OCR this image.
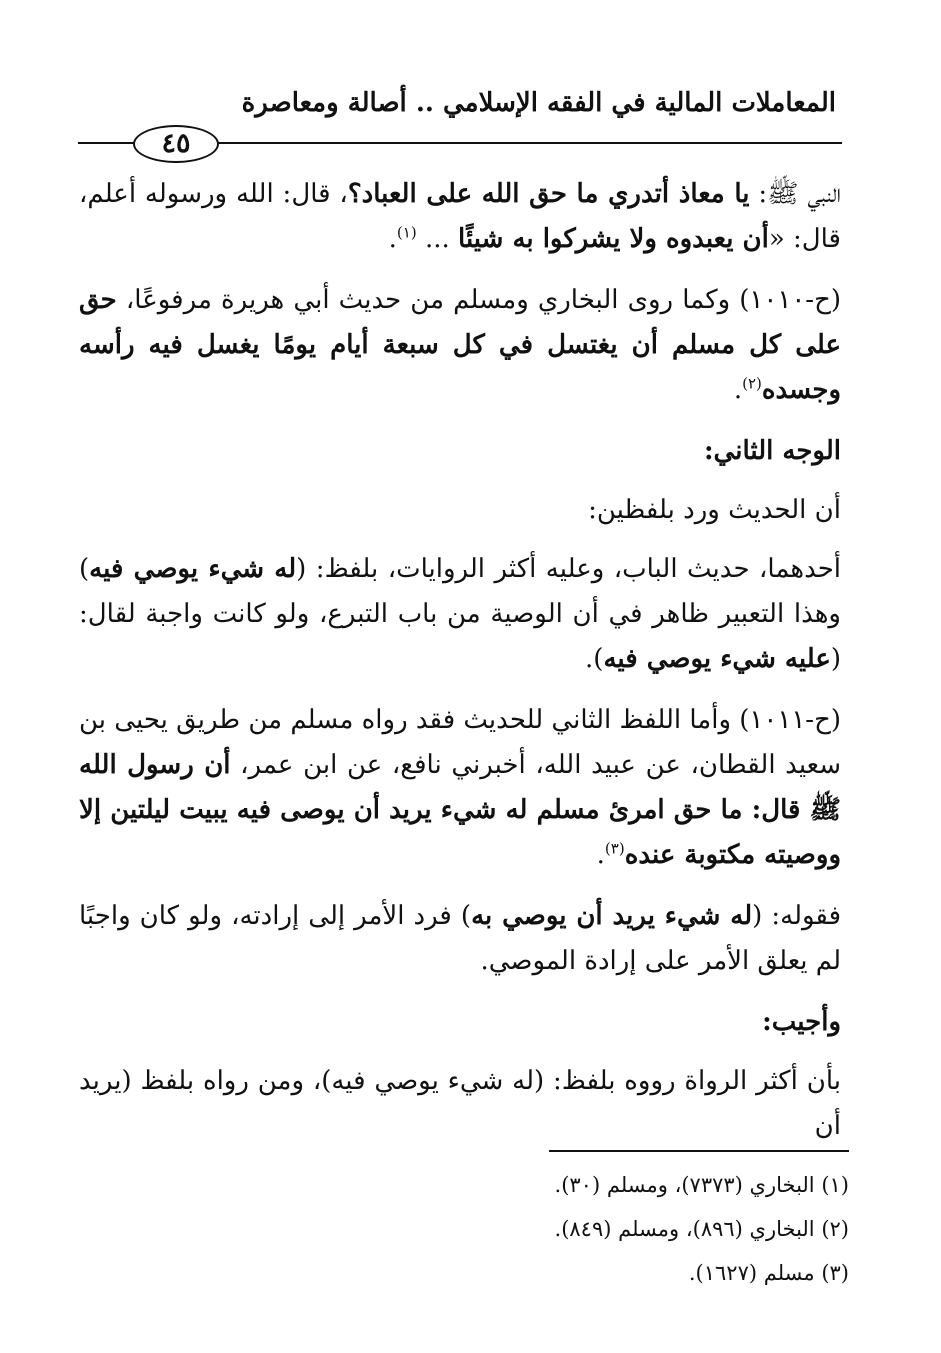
المعاملات المالية في الفقه الإسلامي .. أصالة ومعاصرة
٤٥

النبي ﷺ: يا معاذ أتدري ما حق الله على العباد؟، قال: الله ورسوله أعلم، قال: «أن يعبدوه ولا يشركوا به شيئًا ... $^{(١)}$.

(ح-١٠١٠) وكما روى البخاري ومسلم من حديث أبي هريرة مرفوعًا، حق على كل مسلم أن يغتسل في كل سبعة أيام يومًا يغسل فيه رأسه وجسده$^{(٢)}$.

الوجه الثاني:

أن الحديث ورد بلفظين:

أحدهما، حديث الباب، وعليه أكثر الروايات، بلفظ: (له شيء يوصي فيه) وهذا التعبير ظاهر في أن الوصية من باب التبرع، ولو كانت واجبة لقال: (عليه شيء يوصي فيه).

(ح-١٠١١) وأما اللفظ الثاني للحديث فقد رواه مسلم من طريق يحيى بن سعيد القطان، عن عبيد الله، أخبرني نافع، عن ابن عمر، أن رسول الله ﷺ قال: ما حق امرئ مسلم له شيء يريد أن يوصى فيه يبيت ليلتين إلا ووصيته مكتوبة عنده$^{(٣)}$.

فقوله: (له شيء يريد أن يوصي به) فرد الأمر إلى إرادته، ولو كان واجبًا لم يعلق الأمر على إرادة الموصي.

وأجيب:

بأن أكثر الرواة رووه بلفظ: (له شيء يوصي فيه)، ومن رواه بلفظ (يريد أن

(١) البخاري (٧٣٧٣)، ومسلم (٣٠).
(٢) البخاري (٨٩٦)، ومسلم (٨٤٩).
(٣) مسلم (١٦٢٧).
